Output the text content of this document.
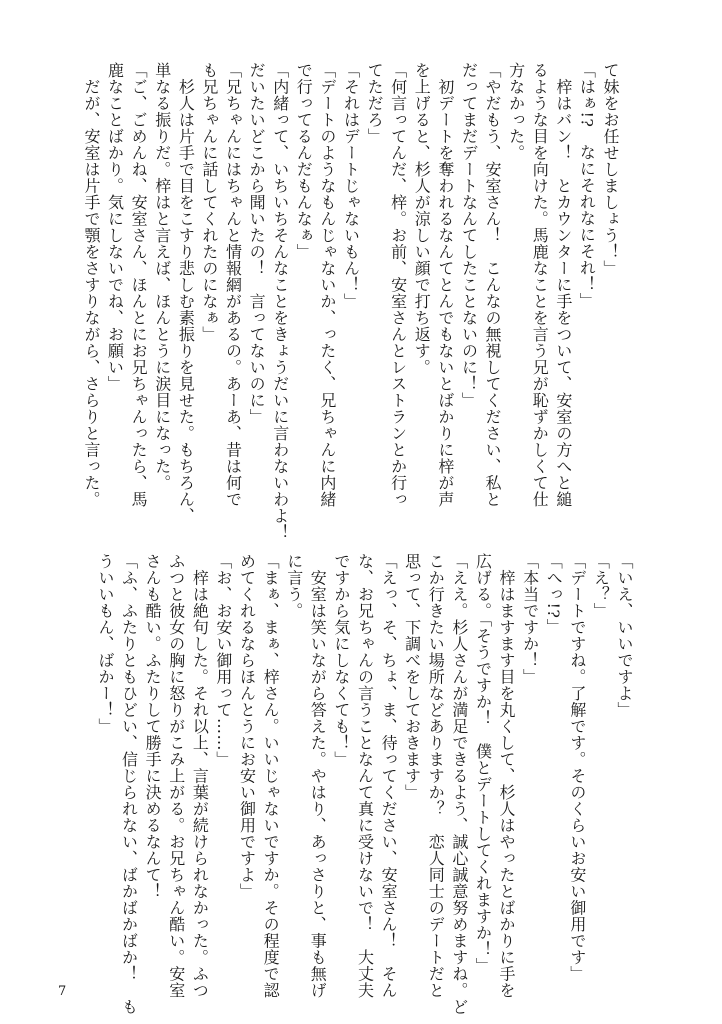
て妹をお任せしましょう！」
「はぁ!?　なにそれなにそれ！」
　梓はバン！　とカウンターに手をついて、安室の方へと縋
るような目を向けた。馬鹿なことを言う兄が恥ずかしくて仕
方なかった。
「やだもう、安室さん！　こんなの無視してください、私と
だってまだデートなんてしたことないのに！」
　初デートを奪われるなんてとんでもないとばかりに梓が声
を上げると、杉人が涼しい顔で打ち返す。
「何言ってんだ、梓。お前、安室さんとレストランとか行っ
てただろ」
「それはデートじゃないもん！」
「デートのようなもんじゃないか、ったく、兄ちゃんに内緒
で行ってるんだもんなぁ」
「内緒って、いちいちそんなことをきょうだいに言わないわよ！
だいたいどこから聞いたの！　言ってないのに」
「兄ちゃんにはちゃんと情報網があるの。あーあ、昔は何で
も兄ちゃんに話してくれたのになぁ」
　杉人は片手で目をこすり悲しむ素振りを見せた。もちろん、
単なる振りだ。梓はと言えば、ほんとうに涙目になった。
「ご、ごめんね、安室さん、ほんとにお兄ちゃんったら、馬
鹿なことばかり。気にしないでね、お願い」
　だが、安室は片手で顎をさすりながら、さらりと言った。
「いえ、いいですよ」
「え？」
「デートですね。了解です。そのくらいお安い御用です」
「へっ!?」
「本当ですか！」
　梓はますます目を丸くして、杉人はやったとばかりに手を
広げる。「そうですか！　僕とデートしてくれますか！」
「ええ。杉人さんが満足できるよう、誠心誠意努めますね。ど
こか行きたい場所などありますか？　恋人同士のデートだと
思って、下調べをしておきます」
「えっ、そ、ちょ、ま、待ってください、安室さん！　そん
な、お兄ちゃんの言うことなんて真に受けないで！　大丈夫
ですから気にしなくても！」
　安室は笑いながら答えた。やはり、あっさりと、事も無げ
に言う。
「まぁ、まぁ、梓さん。いいじゃないですか。その程度で認
めてくれるならほんとうにお安い御用ですよ」
「お、お安い御用って……」
　梓は絶句した。それ以上、言葉が続けられなかった。ふつ
ふつと彼女の胸に怒りがこみ上がる。お兄ちゃん酷い。安室
さんも酷い。ふたりして勝手に決めるなんて！
「ふ、ふたりともひどい、信じられない、ばかばかばか！　も
ういいもん、ばかー！」
7
